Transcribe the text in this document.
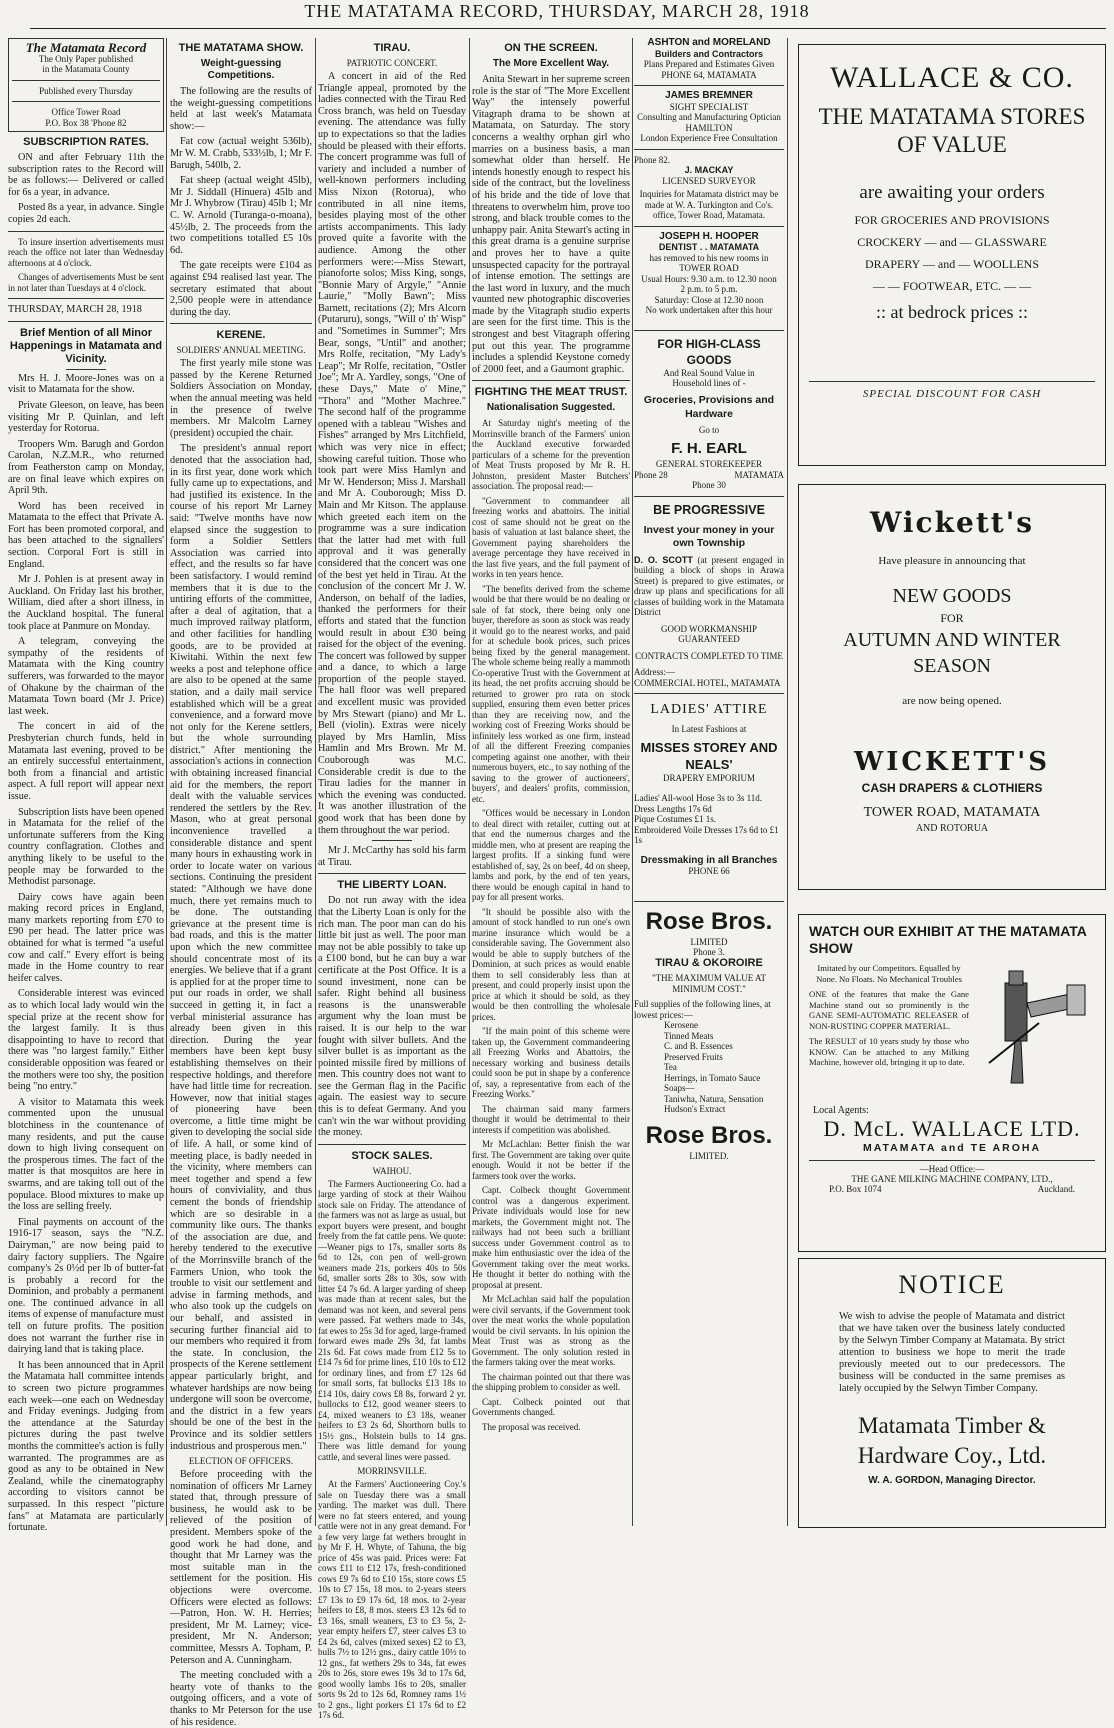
THE MATATAMA RECORD, THURSDAY, MARCH 28, 1918
The Matamata Record
The Only Paper published
in the Matamata County
Published every Thursday
Office Tower Road
P.O. Box 38 'Phone 82
SUBSCRIPTION RATES.

ON and after February 11th the subscription rates to the Record will be as follows:— Delivered or called for 6s a year, in advance.

Posted 8s a year, in advance. Single copies 2d each.

To insure insertion advertisements must reach the office not later than Wednesday afternoons at 4 o'clock.

Changes of advertisements Must be sent in not later than Tuesdays at 4 o'clock.

THURSDAY, MARCH 28, 1918
Brief Mention of all Minor Happenings in Matamata and Vicinity.

Mrs H. J. Moore-Jones was on a visit to Matamata for the show.

Private Gleeson, on leave, has been visiting Mr P. Quinlan, and left yesterday for Rotorua.

Troopers Wm. Barugh and Gordon Carolan, N.Z.M.R., who returned from Featherston camp on Monday, are on final leave which expires on April 9th.

Word has been received in Matamata to the effect that Private A. Fort has been promoted corporal, and has been attached to the signallers' section. Corporal Fort is still in England.

Mr J. Pohlen is at present away in Auckland. On Friday last his brother, William, died after a short illness, in the Auckland hospital. The funeral took place at Panmure on Monday.

A telegram, conveying the sympathy of the residents of Matamata with the King country sufferers, was forwarded to the mayor of Ohakune by the chairman of the Matamata Town board (Mr J. Price) last week.

The concert in aid of the Presbyterian church funds, held in Matamata last evening, proved to be an entirely successful entertainment, both from a financial and artistic aspect. A full report will appear next issue.

Subscription lists have been opened in Matamata for the relief of the unfortunate sufferers from the King country conflagration. Clothes and anything likely to be useful to the people may be forwarded to the Methodist parsonage.

Dairy cows have again been making record prices in England, many markets reporting from £70 to £90 per head. The latter price was obtained for what is termed "a useful cow and calf." Every effort is being made in the Home country to rear heifer calves.

Considerable interest was evinced as to which local lady would win the special prize at the recent show for the largest family. It is thus disappointing to have to record that there was "no largest family." Either considerable opposition was feared or the mothers were too shy, the position being "no entry."

A visitor to Matamata this week commented upon the unusual blotchiness in the countenance of many residents, and put the cause down to high living consequent on the prosperous times. The fact of the matter is that mosquitos are here in swarms, and are taking toll out of the populace. Blood mixtures to make up the loss are selling freely.

Final payments on account of the 1916-17 season, says the "N.Z. Dairyman," are now being paid to dairy factory suppliers. The Ngaire company's 2s 0½d per lb of butter-fat is probably a record for the Dominion, and probably a permanent one. The continued advance in all items of expense of manufacture must tell on future profits. The position does not warrant the further rise in dairying land that is taking place.

It has been announced that in April the Matamata hall committee intends to screen two picture programmes each week—one each on Wednesday and Friday evenings. Judging from the attendance at the Saturday pictures during the past twelve months the committee's action is fully warranted. The programmes are as good as any to be obtained in New Zealand, while the cinematography according to visitors cannot be surpassed. In this respect "picture fans" at Matamata are particularly fortunate.

THE MATATAMA SHOW.
Weight-guessing Competitions.

The following are the results of the weight-guessing competitions held at last week's Matamata show:—

Fat cow (actual weight 536lb), Mr W. M. Crabb, 533½lb, 1; Mr F. Barugh, 540lb, 2.

Fat sheep (actual weight 45lb), Mr J. Siddall (Hinuera) 45lb and Mr J. Whybrow (Tirau) 45lb 1; Mr C. W. Arnold (Turanga-o-moana), 45½lb, 2. The proceeds from the two competitions totalled £5 10s 6d.

The gate receipts were £104 as against £94 realised last year. The secretary estimated that about 2,500 people were in attendance during the day.

KERENE.
SOLDIERS' ANNUAL MEETING.

The first yearly mile stone was passed by the Kerene Returned Soldiers Association on Monday, when the annual meeting was held in the presence of twelve members. Mr Malcolm Larney (president) occupied the chair.

The president's annual report denoted that the association had, in its first year, done work which fully came up to expectations, and had justified its existence. In the course of his report Mr Larney said: "Twelve months have now elapsed since the suggestion to form a Soldier Settlers Association was carried into effect, and the results so far have been satisfactory. I would remind members that it is due to the untiring efforts of the committee, after a deal of agitation, that a much improved railway platform, and other facilities for handling goods, are to be provided at Kiwitahi. Within the next few weeks a post and telephone office are also to be opened at the same station, and a daily mail service established which will be a great convenience, and a forward move not only for the Kerene settlers, but the whole surrounding district." After mentioning the association's actions in connection with obtaining increased financial aid for the members, the report dealt with the valuable services rendered the settlers by the Rev. Mason, who at great personal inconvenience travelled a considerable distance and spent many hours in exhausting work in order to locate water on various sections. Continuing the president stated: "Although we have done much, there yet remains much to be done. The outstanding grievance at the present time is bad roads, and this is the matter upon which the new committee should concentrate most of its energies. We believe that if a grant is applied for at the proper time to put our roads in order, we shall succeed in getting it, in fact a verbal ministerial assurance has already been given in this direction. During the year members have been kept busy establishing themselves on their respective holdings, and therefore have had little time for recreation. However, now that initial stages of pioneering have been overcome, a little time might be given to developing the social side of life. A hall, or some kind of meeting place, is badly needed in the vicinity, where members can meet together and spend a few hours of conviviality, and thus cement the bonds of friendship which are so desirable in a community like ours. The thanks of the association are due, and hereby tendered to the executive of the Morrinsville branch of the Farmers Union, who took the trouble to visit our settlement and advise in farming methods, and who also took up the cudgels on our behalf, and assisted in securing further financial aid to our members who required it from the state. In conclusion, the prospects of the Kerene settlement appear particularly bright, and whatever hardships are now being undergone will soon be overcome, and the district in a few years should be one of the best in the Province and its soldier settlers industrious and prosperous men."

ELECTION OF OFFICERS.

Before proceeding with the nomination of officers Mr Larney stated that, through pressure of business, he would ask to be relieved of the position of president. Members spoke of the good work he had done, and thought that Mr Larney was the most suitable man in the settlement for the position. His objections were overcome. Officers were elected as follows:—Patron, Hon. W. H. Herries; president, Mr M. Larney; vice-president, Mr N. Anderson; committee, Messrs A. Topham, P. Peterson and A. Cunningham.

The meeting concluded with a hearty vote of thanks to the outgoing officers, and a vote of thanks to Mr Peterson for the use of his residence.

TIRAU.
PATRIOTIC CONCERT.

A concert in aid of the Red Triangle appeal, promoted by the ladies connected with the Tirau Red Cross branch, was held on Tuesday evening. The attendance was fully up to expectations so that the ladies should be pleased with their efforts. The concert programme was full of variety and included a number of well-known performers including Miss Nixon (Rotorua), who contributed in all nine items, besides playing most of the other artists accompaniments. This lady proved quite a favorite with the audience. Among the other performers were:—Miss Stewart, pianoforte solos; Miss King, songs, "Bonnie Mary of Argyle," "Annie Laurie," "Molly Bawn"; Miss Barnett, recitations (2); Mrs Alcorn (Putaruru), songs, "Will o' th' Wisp" and "Sometimes in Summer"; Mrs Bear, songs, "Until" and another; Mrs Rolfe, recitation, "My Lady's Leap"; Mr Rolfe, recitation, "Ostler Joe"; Mr A. Yardley, songs, "One of these Days," Mate o' Mine," "Thora" and "Mother Machree." The second half of the programme opened with a tableau "Wishes and Fishes" arranged by Mrs Litchfield, which was very nice in effect; showing careful tuition. Those who took part were Miss Hamlyn and Mr W. Henderson; Miss J. Marshall and Mr A. Couborough; Miss D. Main and Mr Kitson. The applause which greeted each item on the programme was a sure indication that the latter had met with full approval and it was generally considered that the concert was one of the best yet held in Tirau. At the conclusion of the concert Mr J. W. Anderson, on behalf of the ladies, thanked the performers for their efforts and stated that the function would result in about £30 being raised for the object of the evening. The concert was followed by supper and a dance, to which a large proportion of the people stayed. The hall floor was well prepared and excellent music was provided by Mrs Stewart (piano) and Mr L. Bell (violin). Extras were nicely played by Mrs Hamlin, Miss Hamlin and Mrs Brown. Mr M. Couborough was M.C. Considerable credit is due to the Tirau ladies for the manner in which the evening was conducted. It was another illustration of the good work that has been done by them throughout the war period.

Mr J. McCarthy has sold his farm at Tirau.

THE LIBERTY LOAN.

Do not run away with the idea that the Liberty Loan is only for the rich man. The poor man can do his little bit just as well. The poor man may not be able possibly to take up a £100 bond, but he can buy a war certificate at the Post Office. It is a sound investment, none can be safer. Right behind all business reasons is the unanswerable argument why the loan must be raised. It is our help to the war fought with silver bullets. And the silver bullet is as important as the pointed missile fired by millions of men. This country does not want to see the German flag in the Pacific again. The easiest way to secure this is to defeat Germany. And you can't win the war without providing the money.

STOCK SALES.
WAIHOU.

The Farmers Auctioneering Co. had a large yarding of stock at their Waihou stock sale on Friday. The attendance of the farmers was not as large as usual, but export buyers were present, and bought freely from the fat cattle pens. We quote:—Weaner pigs to 17s, smaller sorts 8s 6d to 12s, con pen of well-grown weaners made 21s, porkers 40s to 50s 6d, smaller sorts 28s to 30s, sow with litter £4 7s 6d. A larger yarding of sheep was made than at recent sales, but the demand was not keen, and several pens were passed. Fat wethers made to 34s, fat ewes to 25s 3d for aged, large-framed forward ewes made 29s 3d, fat lambs 21s 6d. Fat cows made from £12 5s to £14 7s 6d for prime lines, £10 10s to £12 for ordinary lines, and from £7 12s 6d for small sorts, fat bullocks £13 18s to £14 10s, dairy cows £8 8s, forward 2 yr. bullocks to £12, good weaner steers to £4, mixed weaners to £3 18s, weaner heifers to £3 2s 6d, Shorthorn bulls to 15½ gns., Holstein bulls to 14 gns. There was little demand for young cattle, and several lines were passed.

MORRINSVILLE.

At the Farmers' Auctioneering Coy.'s sale on Tuesday there was a small yarding. The market was dull. There were no fat steers entered, and young cattle were not in any great demand. For a few very large fat wethers brought in by Mr F. H. Whyte, of Tahuna, the big price of 45s was paid. Prices were: Fat cows £11 to £12 17s, fresh-conditioned cows £9 7s 6d to £10 15s, store cows £5 10s to £7 15s, 18 mos. to 2-years steers £7 13s to £9 17s 6d, 18 mos. to 2-year heifers to £8, 8 mos. steers £3 12s 6d to £3 16s, small weaners, £3 to £3 5s, 2-year empty heifers £7, steer calves £3 to £4 2s 6d, calves (mixed sexes) £2 to £3, bulls 7½ to 12½ gns., dairy cattle 10½ to 12 gns., fat wethers 29s to 34s, fat ewes 20s to 26s, store ewes 19s 3d to 17s 6d, good woolly lambs 16s to 20s, smaller sorts 9s 2d to 12s 6d, Romney rams 1½ to 2 gns., light porkers £1 17s 6d to £2 17s 6d.

ON THE SCREEN.
The More Excellent Way.

Anita Stewart in her supreme screen role is the star of "The More Excellent Way" the intensely powerful Vitagraph drama to be shown at Matamata, on Saturday. The story concerns a wealthy orphan girl who marries on a business basis, a man somewhat older than herself. He intends honestly enough to respect his side of the contract, but the loveliness of his bride and the tide of love that threatens to overwhelm him, prove too strong, and black trouble comes to the unhappy pair. Anita Stewart's acting in this great drama is a genuine surprise and proves her to have a quite unsuspected capacity for the portrayal of intense emotion. The settings are the last word in luxury, and the much vaunted new photographic discoveries made by the Vitagraph studio experts are seen for the first time. This is the strongest and best Vitagraph offering put out this year. The programme includes a splendid Keystone comedy of 2000 feet, and a Gaumont graphic.

FIGHTING THE MEAT TRUST.
Nationalisation Suggested.

At Saturday night's meeting of the Morrinsville branch of the Farmers' union the Auckland executive forwarded particulars of a scheme for the prevention of Meat Trusts proposed by Mr R. H. Johnston, president Master Butchers' association. The proposal read:—

"Government to commandeer all freezing works and abattoirs. The initial cost of same should not be great on the basis of valuation at last balance sheet, the Government paying shareholders the average percentage they have received in the last five years, and the full payment of works in ten years hence.

"The benefits derived from the scheme would be that there would be no dealing or sale of fat stock, there being only one buyer, therefore as soon as stock was ready it would go to the nearest works, and paid for at schedule book prices, such prices being fixed by the general management. The whole scheme being really a mammoth Co-operative Trust with the Government at its head, the net profits accruing should be returned to grower pro rata on stock supplied, ensuring them even better prices than they are receiving now, and the working cost of Freezing Works should be infinitely less worked as one firm, instead of all the different Freezing companies competing against one another, with their numerous buyers, etc., to say nothing of the saving to the grower of auctioneers', buyers', and dealers' profits, commission, etc.

"Offices would be necessary in London to deal direct with retailer, cutting out at that end the numerous charges and the middle men, who at present are reaping the largest profits. If a sinking fund were established of, say, 2s on beef, 4d on sheep, lambs and pork, by the end of ten years, there would be enough capital in hand to pay for all present works.

"It should be possible also with the amount of stock handled to run one's own marine insurance which would be a considerable saving. The Government also would be able to supply butchers of the Dominion, at such prices as would enable them to sell considerably less than at present, and could properly insist upon the price at which it should be sold, as they would be then controlling the wholesale prices.

"If the main point of this scheme were taken up, the Government commandeering all Freezing Works and Abattoirs, the necessary working and business details could soon be put in shape by a conference of, say, a representative from each of the Freezing Works."

The chairman said many farmers thought it would be detrimental to their interests if competition was abolished.

Mr McLachlan: Better finish the war first. The Government are taking over quite enough. Would it not be better if the farmers took over the works.

Capt. Colbeck thought Government control was a dangerous experiment. Private individuals would lose for new markets, the Government might not. The railways had not been such a brilliant success under Government control as to make him enthusiastic over the idea of the Government taking over the meat works. He thought it better do nothing with the proposal at present.

Mr McLachlan said half the population were civil servants, if the Government took over the meat works the whole population would be civil servants. In his opinion the Meat Trust was as strong as the Government. The only solution rested in the farmers taking over the meat works.

The chairman pointed out that there was the shipping problem to consider as well.

Capt. Colbeck pointed out that Governments changed.

The proposal was received.

ASHTON and MORELAND
Builders and Contractors
Plans Prepared and Estimates Given
PHONE 64, MATAMATA
JAMES BREMNER
SIGHT SPECIALIST
Consulting and Manufacturing Optician
HAMILTON
London Experience Free Consultation
Phone 82.
J. MACKAY
LICENSED SURVEYOR
Inquiries for Matamata district may be made at W. A. Turkington and Co's. office, Tower Road, Matamata.
JOSEPH H. HOOPER
DENTIST . . MATAMATA
has removed to his new rooms in
TOWER ROAD
Usual Hours: 9.30 a.m. to 12.30 noon
2 p.m. to 5 p.m.
Saturday: Close at 12.30 noon
No work undertaken after this hour
FOR HIGH-CLASS GOODS
And Real Sound Value in
Household lines of -
Groceries, Provisions and Hardware
Go to
F. H. EARL
GENERAL STOREKEEPER
Phone 28	MATAMATA
Phone 30
BE PROGRESSIVE
Invest your money in your own Township
D. O. SCOTT (at present engaged in building a block of shops in Arawa Street) is prepared to give estimates, or draw up plans and specifications for all classes of building work in the Matamata District
GOOD WORKMANSHIP GUARANTEED
CONTRACTS COMPLETED TO TIME
Address:—
COMMERCIAL HOTEL, MATAMATA
LADIES' ATTIRE
In Latest Fashions at
MISSES STOREY AND NEALS'
DRAPERY EMPORIUM
Ladies' All-wool Hose 3s to 3s 11d.
Dress Lengths 17s 6d
Pique Costumes £1 1s.
Embroidered Voile Dresses 17s 6d to £1 1s
Dressmaking in all Branches
PHONE 66
Rose Bros.
LIMITED
Phone 3.
TIRAU & OKOROIRE
"THE MAXIMUM VALUE AT MINIMUM COST."
Full supplies of the following lines, at lowest prices:—
Kerosene
Tinned Meats
C. and B. Essences
Preserved Fruits
Tea
Herrings, in Tomato Sauce
Soaps—
Taniwha, Natura, Sensation
Hudson's Extract
Rose Bros.
LIMITED.
WALLACE & CO.
THE MATATAMA STORES
OF VALUE
are awaiting your orders
FOR GROCERIES AND PROVISIONS
CROCKERY — and — GLASSWARE
DRAPERY — and — WOOLLENS
— — FOOTWEAR, ETC. — —
:: at bedrock prices ::
SPECIAL DISCOUNT FOR CASH
Wickett's
Have pleasure in announcing that
NEW GOODS
FOR
AUTUMN AND WINTER
SEASON
are now being opened.
WICKETT'S
CASH DRAPERS & CLOTHIERS
TOWER ROAD, MATAMATA
AND ROTORUA
WATCH OUR EXHIBIT AT THE MATAMATA SHOW
Imitated by our Competitors. Equalled by None. No Floats. No Mechanical Troubles
ONE of the features that make the Gane Machine stand out so prominently is the GANE SEMI-AUTOMATIC RELEASER of NON-RUSTING COPPER MATERIAL.
The RESULT of 10 years study by those who KNOW. Can be attached to any Milking Machine, however old, bringing it up to date.
Local Agents:
D. McL. WALLACE LTD.
MATAMATA and TE AROHA
—Head Office:—
THE GANE MILKING MACHINE COMPANY, LTD.,
P.O. Box 1074	Auckland.
NOTICE
We wish to advise the people of Matamata and district that we have taken over the business lately conducted by the Selwyn Timber Company at Matamata. By strict attention to business we hope to merit the trade previously meeted out to our predecessors. The business will be conducted in the same premises as lately occupied by the Selwyn Timber Company.
Matamata Timber &
Hardware Coy., Ltd.
W. A. GORDON, Managing Director.
